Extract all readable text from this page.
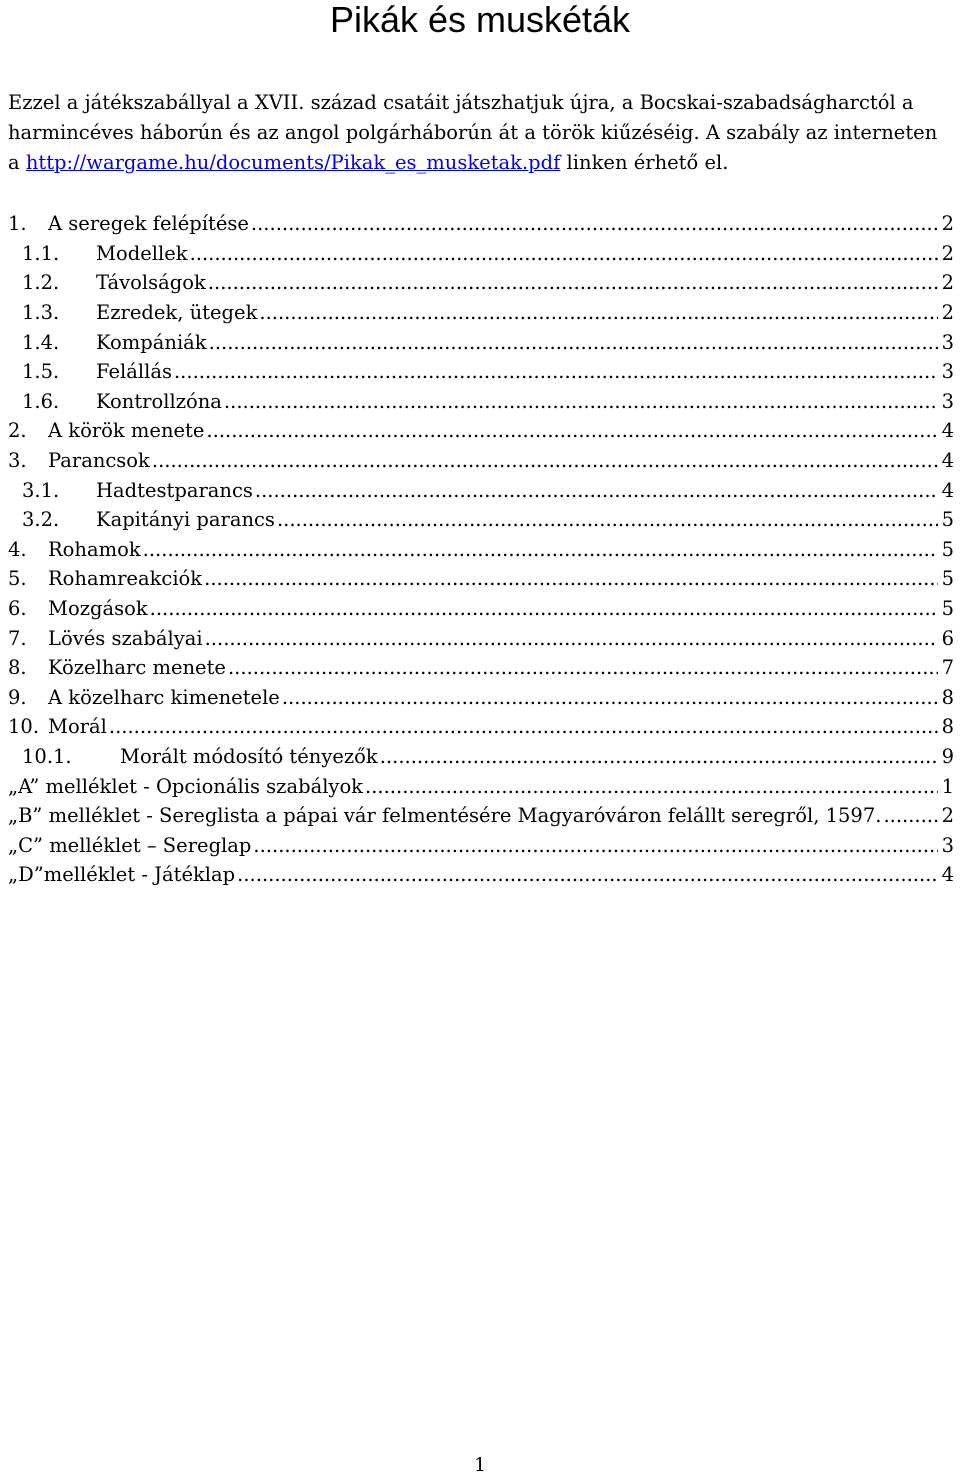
Pikák és muskéták

Ezzel a játékszabállyal a XVII. század csatáit játszhatjuk újra, a Bocskai-szabadságharctól a harmincéves háborún és az angol polgárháborún át a török kiűzéséig. A szabály az interneten a http://wargame.hu/documents/Pikak_es_musketak.pdf linken érhető el.

1.	A seregek felépítése .....	2
1.1.	Modellek .....	2
1.2.	Távolságok .....	2
1.3.	Ezredek, ütegek .....	2
1.4.	Kompániák .....	3
1.5.	Felállás .....	3
1.6.	Kontrollzóna .....	3
2.	A körök menete .....	4
3.	Parancsok .....	4
3.1.	Hadtestparancs .....	4
3.2.	Kapitányi parancs .....	5
4.	Rohamok .....	5
5.	Rohamreakciók .....	5
6.	Mozgások .....	5
7.	Lövés szabályai .....	6
8.	Közelharc menete .....	7
9.	A közelharc kimenetele .....	8
10. Morál .....	8
10.1.	Morált módosító tényezők .....	9
„A” melléklet - Opcionális szabályok .....	1
„B” melléklet - Sereglista a pápai vár felmentésére Magyaróváron felállt seregről, 1597. .....	2
„C” melléklet – Sereglap .....	3
„D”melléklet - Játéklap .....	4
1
